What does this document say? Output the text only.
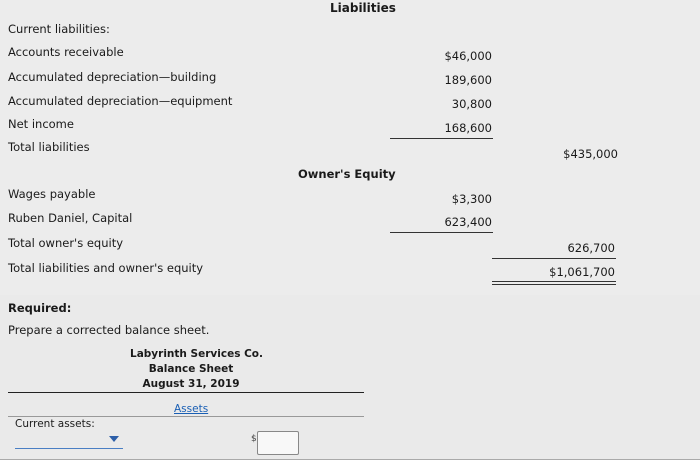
Liabilities
Current liabilities:
Accounts receivable	$46,000
Accumulated depreciation—building	189,600
Accumulated depreciation—equipment	30,800
Net income	168,600
Total liabilities	$435,000
Owner's Equity
Wages payable	$3,300
Ruben Daniel, Capital	623,400
Total owner's equity	626,700
Total liabilities and owner's equity	$1,061,700
Required:
Prepare a corrected balance sheet.
Labyrinth Services Co.
Balance Sheet
August 31, 2019
Assets
Current assets:
$
